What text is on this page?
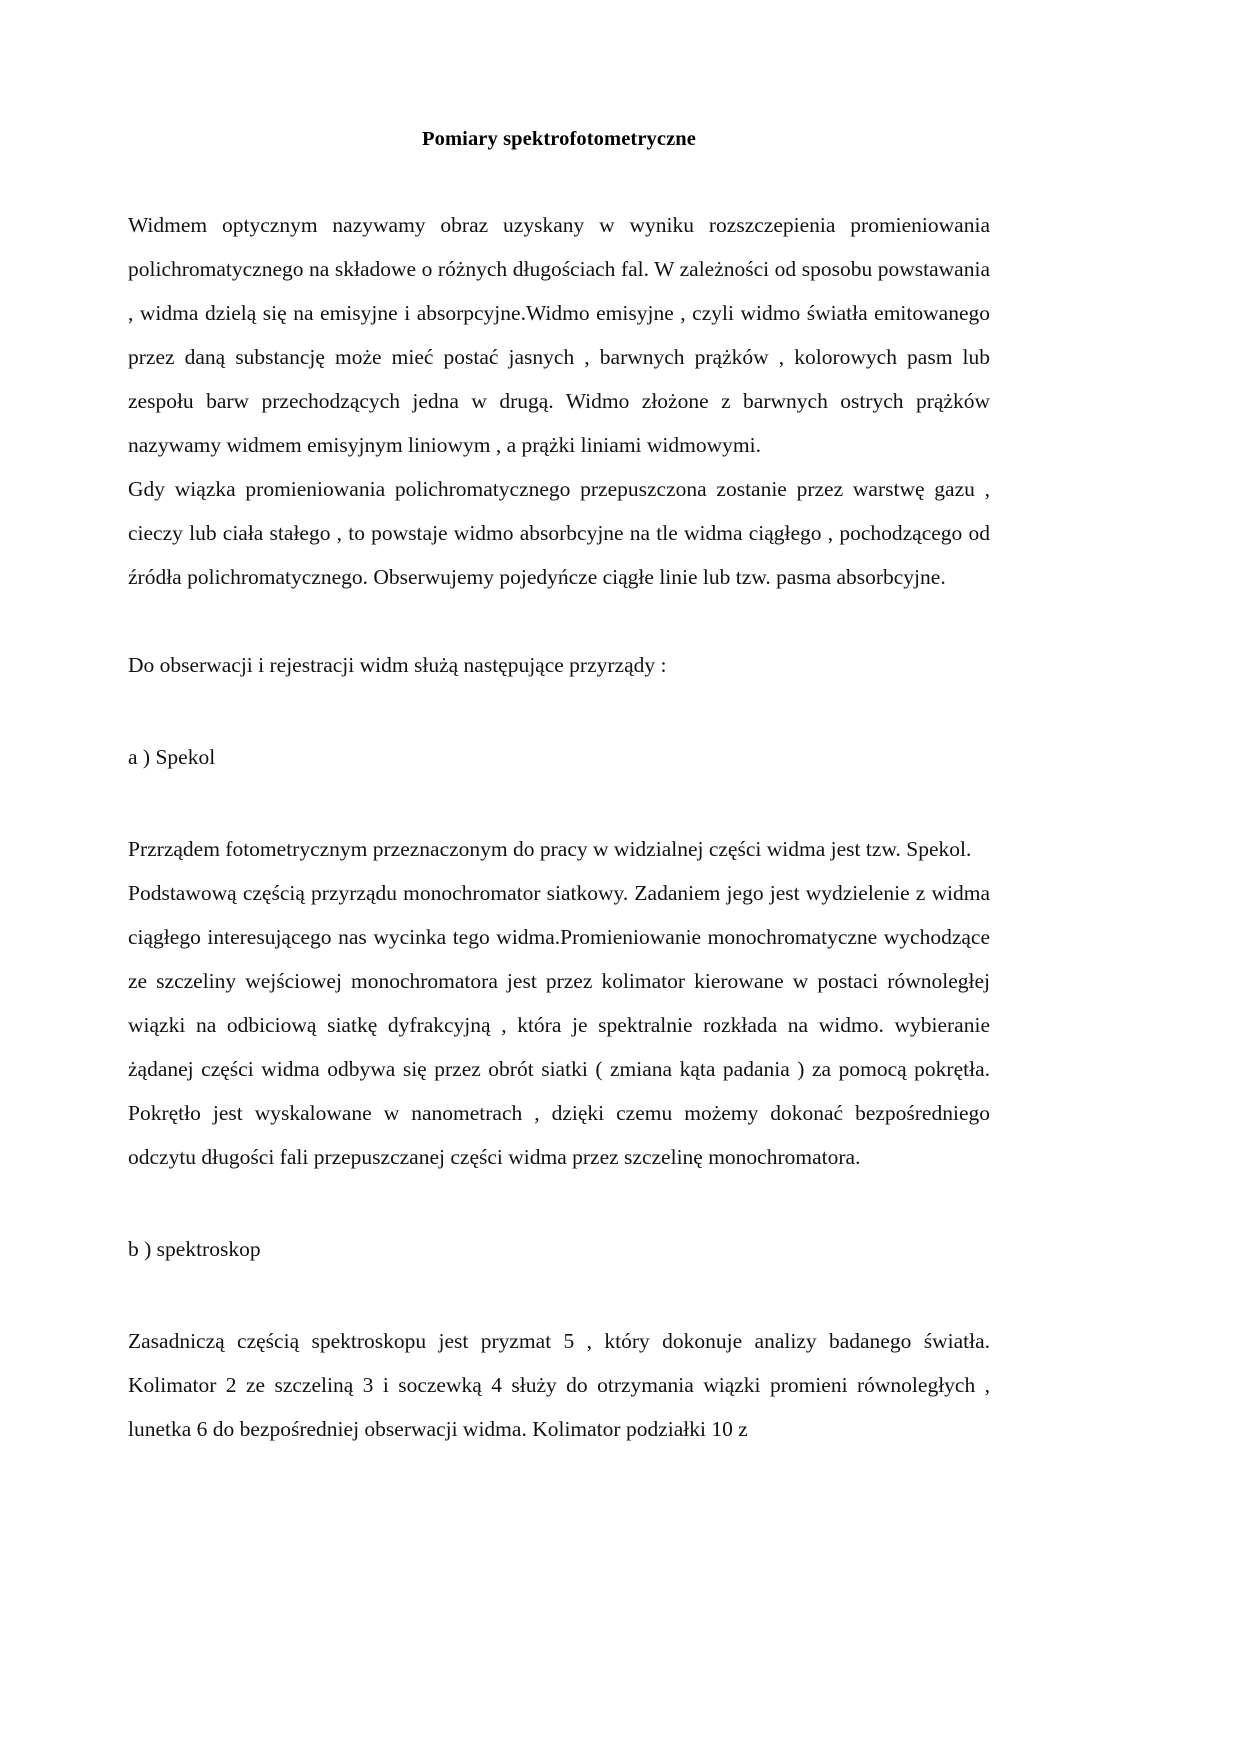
Pomiary spektrofotometryczne

Widmem optycznym nazywamy obraz uzyskany w wyniku rozszczepienia promieniowania polichromatycznego na składowe o różnych długościach fal. W zależności od sposobu powstawania , widma dzielą się na emisyjne i absorpcyjne.Widmo emisyjne , czyli widmo światła emitowanego przez daną substancję może mieć postać jasnych , barwnych prążków , kolorowych pasm lub zespołu barw przechodzących jedna w drugą. Widmo złożone z barwnych ostrych prążków nazywamy widmem emisyjnym liniowym , a prążki liniami widmowymi.

Gdy wiązka promieniowania polichromatycznego przepuszczona zostanie przez warstwę gazu , cieczy lub ciała stałego , to powstaje widmo absorbcyjne na tle widma ciągłego , pochodzącego od źródła polichromatycznego. Obserwujemy pojedyńcze ciągłe linie lub tzw. pasma absorbcyjne.

Do obserwacji i rejestracji widm służą następujące przyrządy :

a ) Spekol

Przrządem fotometrycznym przeznaczonym do pracy w widzialnej części widma jest tzw. Spekol.

Podstawową częścią przyrządu monochromator siatkowy. Zadaniem jego jest wydzielenie z widma ciągłego interesującego nas wycinka tego widma.Promieniowanie monochromatyczne wychodzące ze szczeliny wejściowej monochromatora jest przez kolimator kierowane w postaci równoległej wiązki na odbiciową siatkę dyfrakcyjną , która je spektralnie rozkłada na widmo. wybieranie żądanej części widma odbywa się przez obrót siatki ( zmiana kąta padania ) za pomocą pokrętła. Pokrętło jest wyskalowane w nanometrach , dzięki czemu możemy dokonać bezpośredniego odczytu długości fali przepuszczanej części widma przez szczelinę monochromatora.

b ) spektroskop

Zasadniczą częścią spektroskopu jest pryzmat 5 , który dokonuje analizy badanego światła. Kolimator 2 ze szczeliną 3 i soczewką 4 służy do otrzymania wiązki promieni równoległych , lunetka 6 do bezpośredniej obserwacji widma. Kolimator podziałki 10 z
